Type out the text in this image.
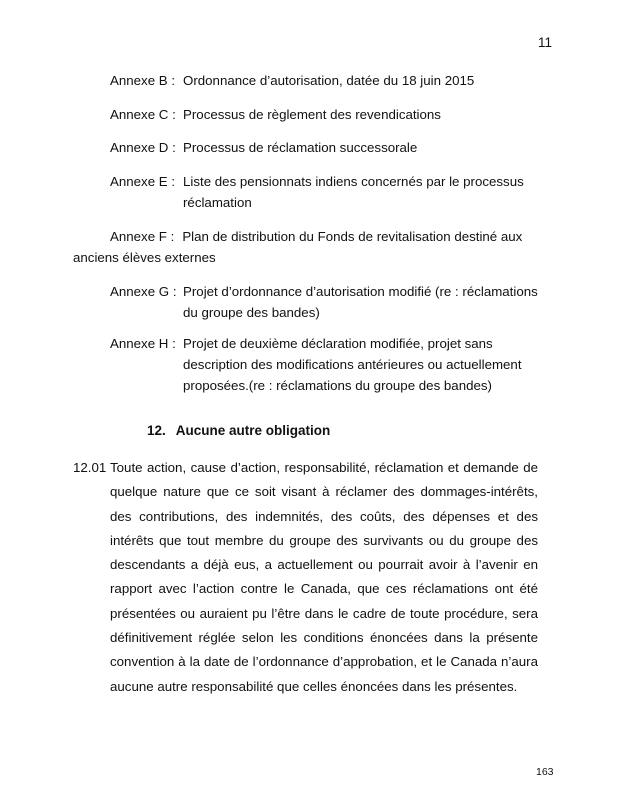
11
Annexe B : Ordonnance d’autorisation, datée du 18 juin 2015
Annexe C : Processus de règlement des revendications
Annexe D : Processus de réclamation successorale
Annexe E : Liste des pensionnats indiens concernés par le processus réclamation
Annexe F : Plan de distribution du Fonds de revitalisation destiné aux anciens élèves externes
Annexe G : Projet d’ordonnance d’autorisation modifié (re : réclamations du groupe des bandes)
Annexe H : Projet de deuxième déclaration modifiée, projet sans description des modifications antérieures ou actuellement proposées.(re : réclamations du groupe des bandes)
12. Aucune autre obligation
12.01 Toute action, cause d’action, responsabilité, réclamation et demande de quelque nature que ce soit visant à réclamer des dommages-intérêts, des contributions, des indemnités, des coûts, des dépenses et des intérêts que tout membre du groupe des survivants ou du groupe des descendants a déjà eus, a actuellement ou pourrait avoir à l’avenir en rapport avec l’action contre le Canada, que ces réclamations ont été présentées ou auraient pu l’être dans le cadre de toute procédure, sera définitivement réglée selon les conditions énoncées dans la présente convention à la date de l’ordonnance d’approbation, et le Canada n’aura aucune autre responsabilité que celles énoncées dans les présentes.
163
